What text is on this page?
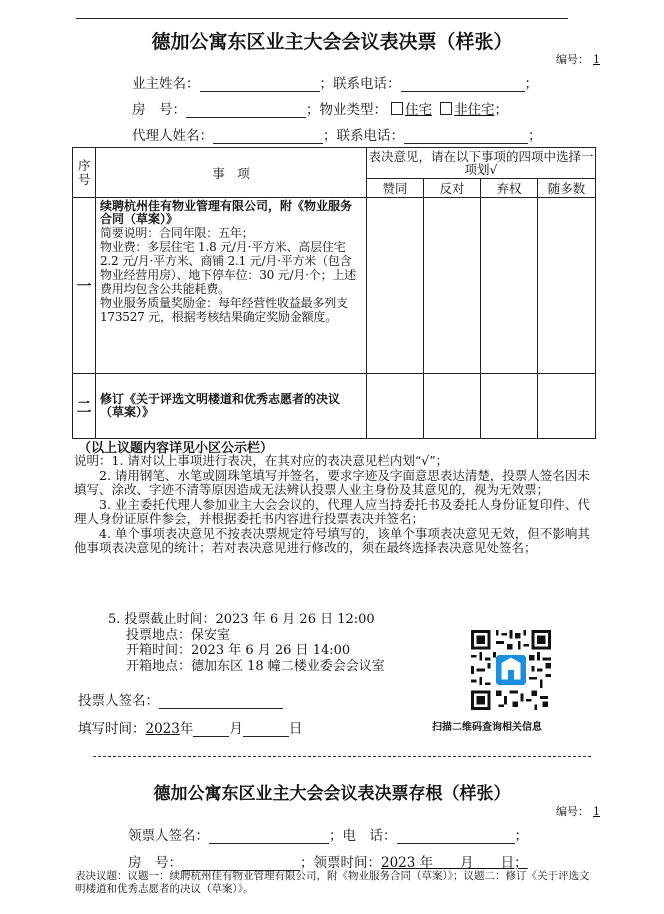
德加公寓东区业主大会会议表决票（样张）
编号： 1
业主姓名：	；联系电话：	；
房　号：	；物业类型： 住宅 非住宅；
代理人姓名：	；联系电话：	；
序号	事　项	表决意见，请在以下事项的四项中选择一项划√			

		赞同	反对	弃权	随多数
一	续聘杭州佳有物业管理有限公司，附《物业服务合同（草案）》
简要说明：合同年限：五年；
物业费：多层住宅 1.8 元/月·平方米、高层住宅 2.2 元/月·平方米、商铺 2.1 元/月·平方米（包含物业经营用房）、地下停车位：30 元/月·个；上述费用均包含公共能耗费。
物业服务质量奖励金：每年经营性收益最多列支 173527 元，根据考核结果确定奖励金额度。				

二	修订《关于评选文明楼道和优秀志愿者的决议（草案）》				

（以上议题内容详见小区公示栏）

说明：1. 请对以上事项进行表决，在其对应的表决意见栏内划“√”；

2. 请用钢笔、水笔或圆珠笔填写并签名，要求字迹及字面意思表达清楚，投票人签名因未填写、涂改、字迹不清等原因造成无法辨认投票人业主身份及其意见的，视为无效票；

3. 业主委托代理人参加业主大会会议的，代理人应当持委托书及委托人身份证复印件、代理人身份证原件参会，并根据委托书内容进行投票表决并签名；

4. 单个事项表决意见不按表决票规定符号填写的，该单个事项表决意见无效，但不影响其他事项表决意见的统计；若对表决意见进行修改的，须在最终选择表决意见处签名；

5. 投票截止时间：2023 年 6 月 26 日 12:00
投票地点：保安室
开箱时间：2023 年 6 月 26 日 14:00
开箱地点：德加东区 18 幢二楼业委会会议室
扫描二维码查询相关信息
投票人签名：
填写时间：2023年	月	日
德加公寓东区业主大会会议表决票存根（样张）
编号： 1
领票人签名：	；电　话：	；
房　号：	；领票时间：2023 年　　 月　　 日；
表决议题：议题一：续聘杭州佳有物业管理有限公司，附《物业服务合同（草案）》；议题二：修订《关于评选文明楼道和优秀志愿者的决议（草案）》。
